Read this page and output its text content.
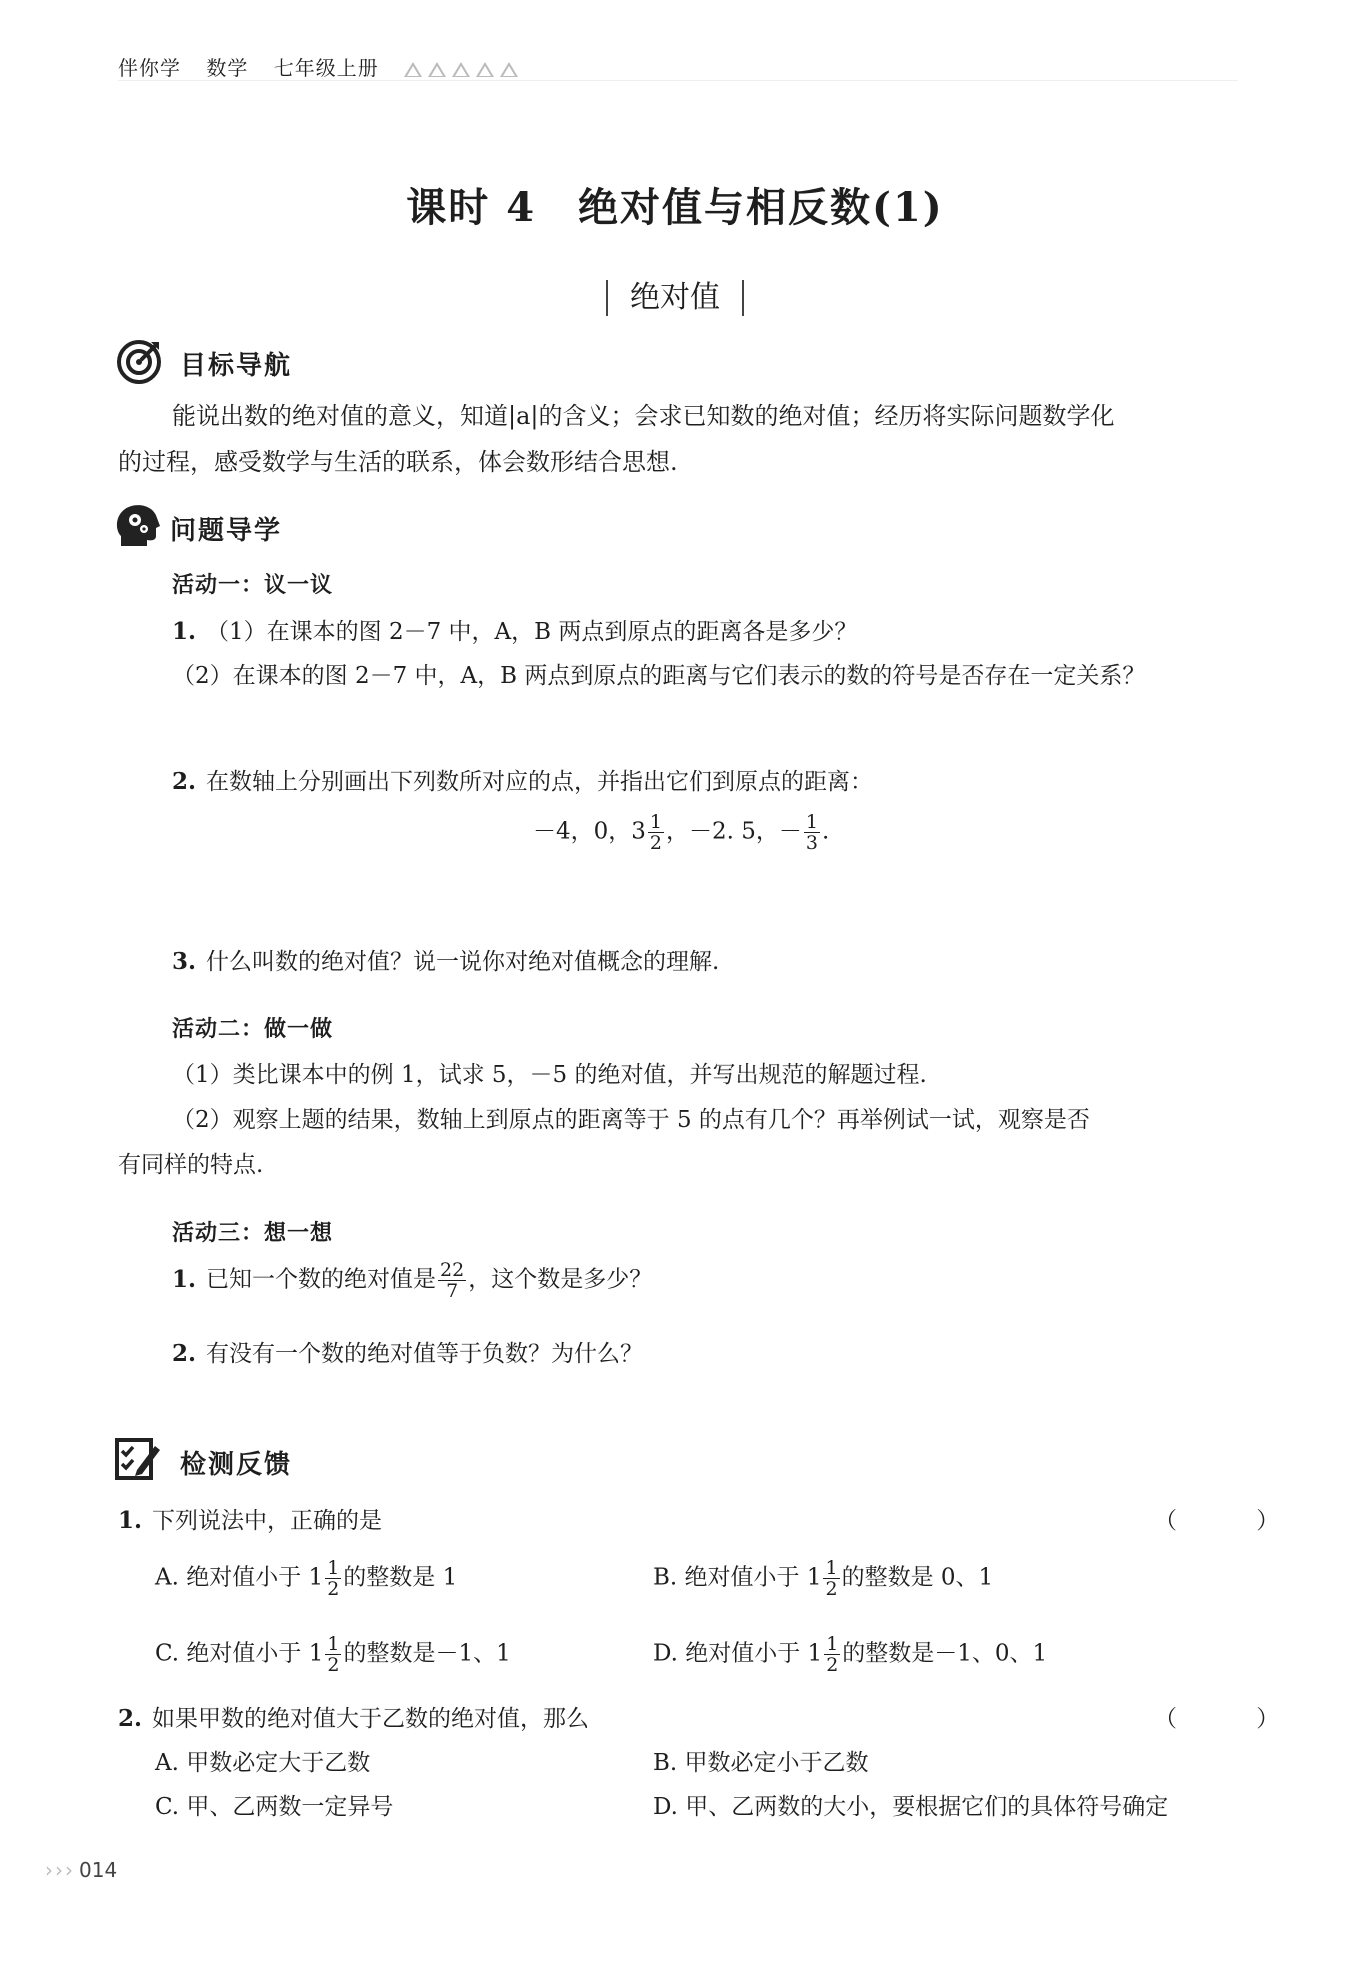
伴你学 数学 七年级上册
课时 4　绝对值与相反数(1)
绝对值
目标导航
能说出数的绝对值的意义，知道|a|的含义；会求已知数的绝对值；经历将实际问题数学化
的过程，感受数学与生活的联系，体会数形结合思想.
问题导学
活动一：议一议
1. （1）在课本的图 2－7 中，A，B 两点到原点的距离各是多少？
（2）在课本的图 2－7 中，A，B 两点到原点的距离与它们表示的数的符号是否存在一定关系？
2. 在数轴上分别画出下列数所对应的点，并指出它们到原点的距离：
－4，0，$3 \frac{1}{2}$ ，－2. 5，－ $\frac{1}{3}$ .
3. 什么叫数的绝对值？说一说你对绝对值概念的理解.
活动二：做一做
（1）类比课本中的例 1，试求 5，－5 的绝对值，并写出规范的解题过程.
（2）观察上题的结果，数轴上到原点的距离等于 5 的点有几个？再举例试一试，观察是否
有同样的特点.
活动三：想一想
1. 已知一个数的绝对值是 $\frac{22}{7}$ ，这个数是多少？
2. 有没有一个数的绝对值等于负数？为什么？
检测反馈
1. 下列说法中，正确的是	（ ）
A. 绝对值小于 $1 \frac{1}{2}$ 的整数是 1	B. 绝对值小于 $1 \frac{1}{2}$ 的整数是 0、1
C. 绝对值小于 $1 \frac{1}{2}$ 的整数是－1、1	D. 绝对值小于 $1 \frac{1}{2}$ 的整数是－1、0、1
2. 如果甲数的绝对值大于乙数的绝对值，那么	（ ）
A. 甲数必定大于乙数	B. 甲数必定小于乙数
C. 甲、乙两数一定异号	D. 甲、乙两数的大小，要根据它们的具体符号确定
››› 014
